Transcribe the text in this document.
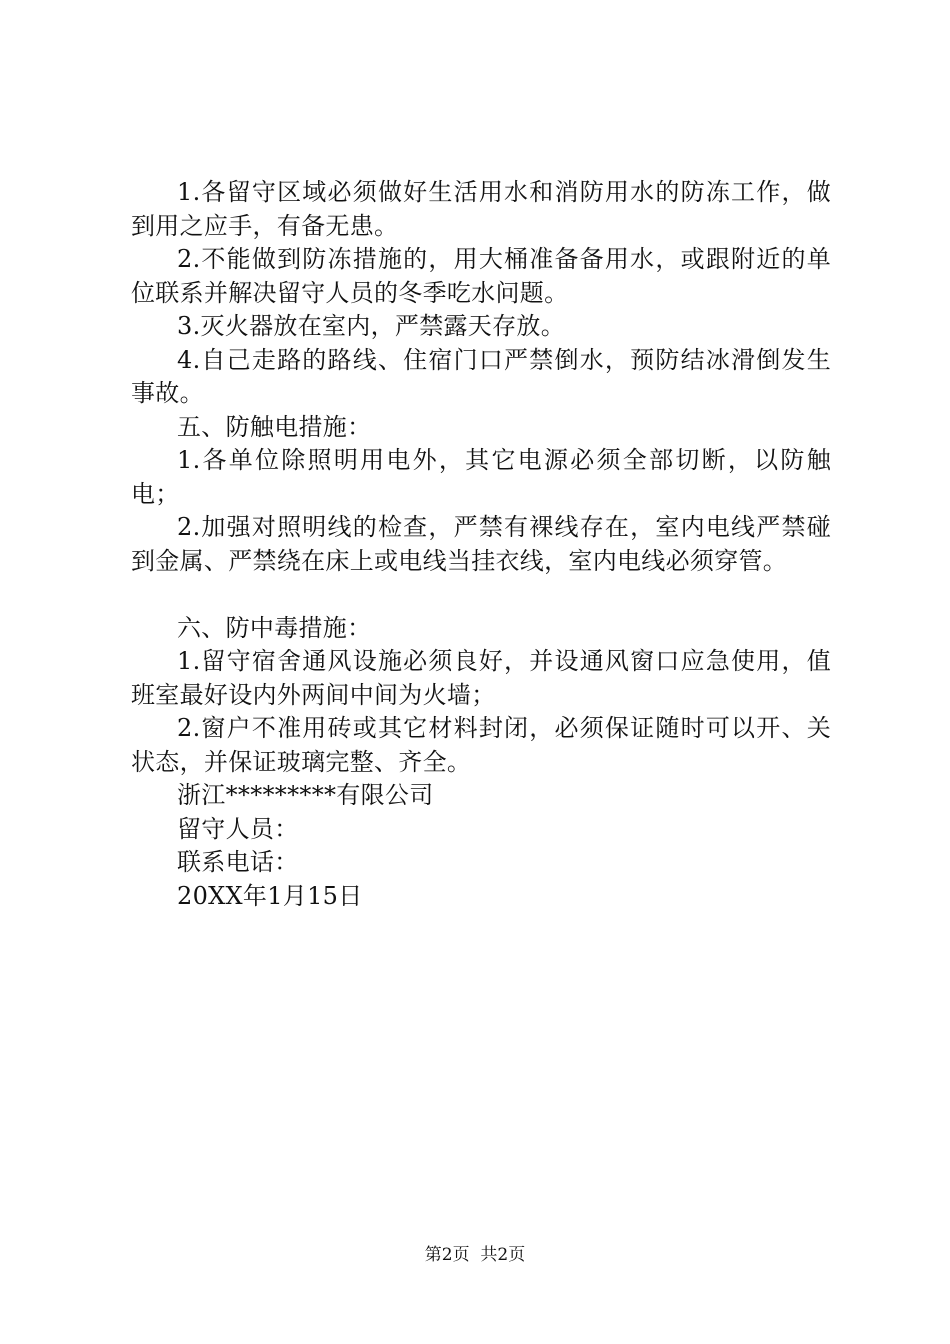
1.各留守区域必须做好生活用水和消防用水的防冻工作，做到用之应手，有备无患。

2.不能做到防冻措施的，用大桶准备备用水，或跟附近的单位联系并解决留守人员的冬季吃水问题。

3.灭火器放在室内，严禁露天存放。

4.自己走路的路线、住宿门口严禁倒水，预防结冰滑倒发生事故。

五、防触电措施：

1.各单位除照明用电外，其它电源必须全部切断，以防触电；

2.加强对照明线的检查，严禁有裸线存在，室内电线严禁碰到金属、严禁绕在床上或电线当挂衣线，室内电线必须穿管。

六、防中毒措施：

1.留守宿舍通风设施必须良好，并设通风窗口应急使用，值班室最好设内外两间中间为火墙；

2.窗户不准用砖或其它材料封闭，必须保证随时可以开、关状态，并保证玻璃完整、齐全。

浙江*********有限公司

留守人员：

联系电话：

20XX年1月15日

第2页  共2页
